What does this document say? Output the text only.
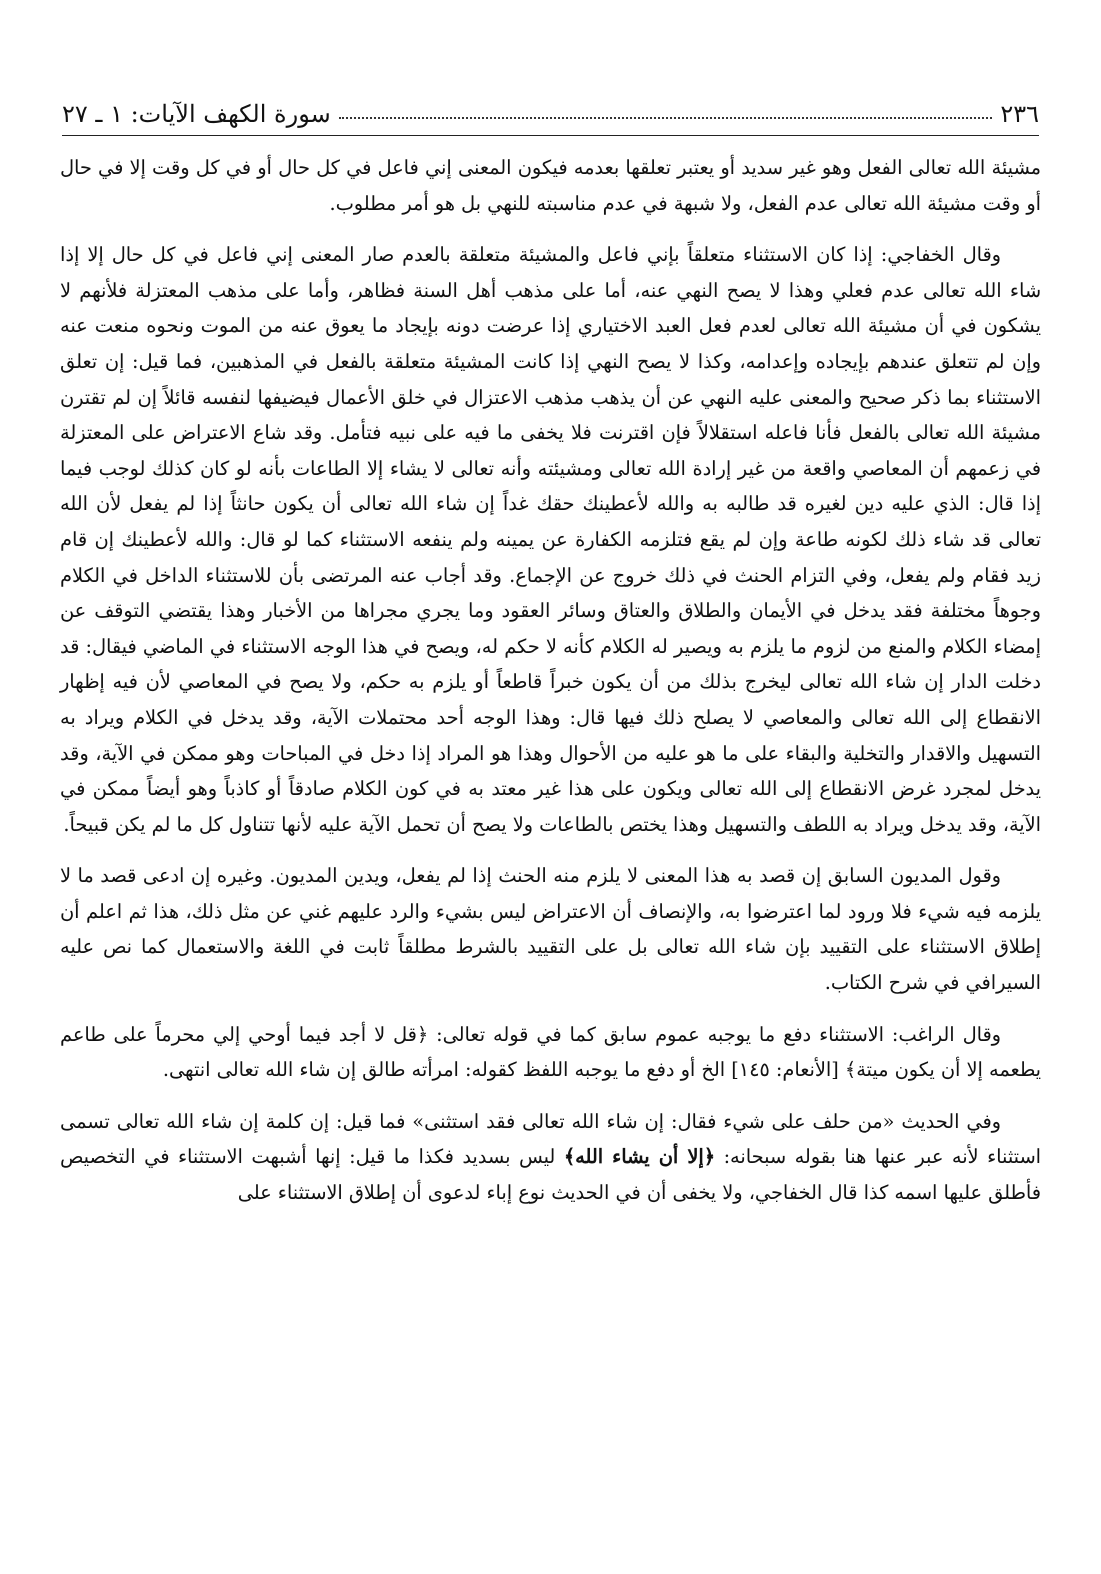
٢٣٦
سورة الكهف الآيات: ١ ـ ٢٧

مشيئة الله تعالى الفعل وهو غير سديد أو يعتبر تعلقها بعدمه فيكون المعنى إني فاعل في كل حال أو في كل وقت إلا في حال أو وقت مشيئة الله تعالى عدم الفعل، ولا شبهة في عدم مناسبته للنهي بل هو أمر مطلوب.

وقال الخفاجي: إذا كان الاستثناء متعلقاً بإني فاعل والمشيئة متعلقة بالعدم صار المعنى إني فاعل في كل حال إلا إذا شاء الله تعالى عدم فعلي وهذا لا يصح النهي عنه، أما على مذهب أهل السنة فظاهر، وأما على مذهب المعتزلة فلأنهم لا يشكون في أن مشيئة الله تعالى لعدم فعل العبد الاختياري إذا عرضت دونه بإيجاد ما يعوق عنه من الموت ونحوه منعت عنه وإن لم تتعلق عندهم بإيجاده وإعدامه، وكذا لا يصح النهي إذا كانت المشيئة متعلقة بالفعل في المذهبين، فما قيل: إن تعلق الاستثناء بما ذكر صحيح والمعنى عليه النهي عن أن يذهب مذهب الاعتزال في خلق الأعمال فيضيفها لنفسه قائلاً إن لم تقترن مشيئة الله تعالى بالفعل فأنا فاعله استقلالاً فإن اقترنت فلا يخفى ما فيه على نبيه فتأمل. وقد شاع الاعتراض على المعتزلة في زعمهم أن المعاصي واقعة من غير إرادة الله تعالى ومشيئته وأنه تعالى لا يشاء إلا الطاعات بأنه لو كان كذلك لوجب فيما إذا قال: الذي عليه دين لغيره قد طالبه به والله لأعطينك حقك غداً إن شاء الله تعالى أن يكون حانثاً إذا لم يفعل لأن الله تعالى قد شاء ذلك لكونه طاعة وإن لم يقع فتلزمه الكفارة عن يمينه ولم ينفعه الاستثناء كما لو قال: والله لأعطينك إن قام زيد فقام ولم يفعل، وفي التزام الحنث في ذلك خروج عن الإجماع. وقد أجاب عنه المرتضى بأن للاستثناء الداخل في الكلام وجوهاً مختلفة فقد يدخل في الأيمان والطلاق والعتاق وسائر العقود وما يجري مجراها من الأخبار وهذا يقتضي التوقف عن إمضاء الكلام والمنع من لزوم ما يلزم به ويصير له الكلام كأنه لا حكم له، ويصح في هذا الوجه الاستثناء في الماضي فيقال: قد دخلت الدار إن شاء الله تعالى ليخرج بذلك من أن يكون خبراً قاطعاً أو يلزم به حكم، ولا يصح في المعاصي لأن فيه إظهار الانقطاع إلى الله تعالى والمعاصي لا يصلح ذلك فيها قال: وهذا الوجه أحد محتملات الآية، وقد يدخل في الكلام ويراد به التسهيل والاقدار والتخلية والبقاء على ما هو عليه من الأحوال وهذا هو المراد إذا دخل في المباحات وهو ممكن في الآية، وقد يدخل لمجرد غرض الانقطاع إلى الله تعالى ويكون على هذا غير معتد به في كون الكلام صادقاً أو كاذباً وهو أيضاً ممكن في الآية، وقد يدخل ويراد به اللطف والتسهيل وهذا يختص بالطاعات ولا يصح أن تحمل الآية عليه لأنها تتناول كل ما لم يكن قبيحاً.

وقول المديون السابق إن قصد به هذا المعنى لا يلزم منه الحنث إذا لم يفعل، ويدين المديون. وغيره إن ادعى قصد ما لا يلزمه فيه شيء فلا ورود لما اعترضوا به، والإنصاف أن الاعتراض ليس بشيء والرد عليهم غني عن مثل ذلك، هذا ثم اعلم أن إطلاق الاستثناء على التقييد بإن شاء الله تعالى بل على التقييد بالشرط مطلقاً ثابت في اللغة والاستعمال كما نص عليه السيرافي في شرح الكتاب.

وقال الراغب: الاستثناء دفع ما يوجبه عموم سابق كما في قوله تعالى: ﴿قل لا أجد فيما أوحي إلي محرماً على طاعم يطعمه إلا أن يكون ميتة﴾ [الأنعام: ١٤٥] الخ أو دفع ما يوجبه اللفظ كقوله: امرأته طالق إن شاء الله تعالى انتهى.

وفي الحديث «من حلف على شيء فقال: إن شاء الله تعالى فقد استثنى» فما قيل: إن كلمة إن شاء الله تعالى تسمى استثناء لأنه عبر عنها هنا بقوله سبحانه: ﴿إلا أن يشاء الله﴾ ليس بسديد فكذا ما قيل: إنها أشبهت الاستثناء في التخصيص فأطلق عليها اسمه كذا قال الخفاجي، ولا يخفى أن في الحديث نوع إباء لدعوى أن إطلاق الاستثناء على
